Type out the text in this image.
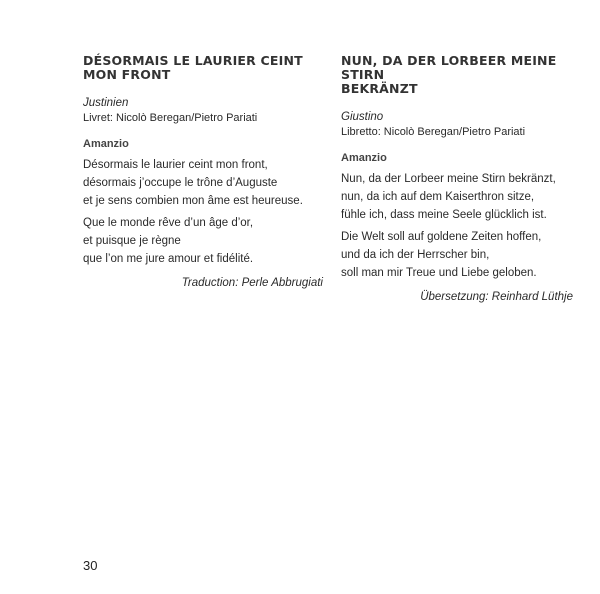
DÉSORMAIS LE LAURIER CEINT
MON FRONT
Justinien
Livret: Nicolò Beregan/Pietro Pariati
Amanzio
Désormais le laurier ceint mon front,
désormais j’occupe le trône d’Auguste
et je sens combien mon âme est heureuse.
Que le monde rêve d’un âge d’or,
et puisque je règne
que l’on me jure amour et fidélité.
Traduction: Perle Abbrugiati
NUN, DA DER LORBEER MEINE STIRN
BEKRÄNZT
Giustino
Libretto: Nicolò Beregan/Pietro Pariati
Amanzio
Nun, da der Lorbeer meine Stirn bekränzt,
nun, da ich auf dem Kaiserthron sitze,
fühle ich, dass meine Seele glücklich ist.
Die Welt soll auf goldene Zeiten hoffen,
und da ich der Herrscher bin,
soll man mir Treue und Liebe geloben.
Übersetzung: Reinhard Lüthje
30
